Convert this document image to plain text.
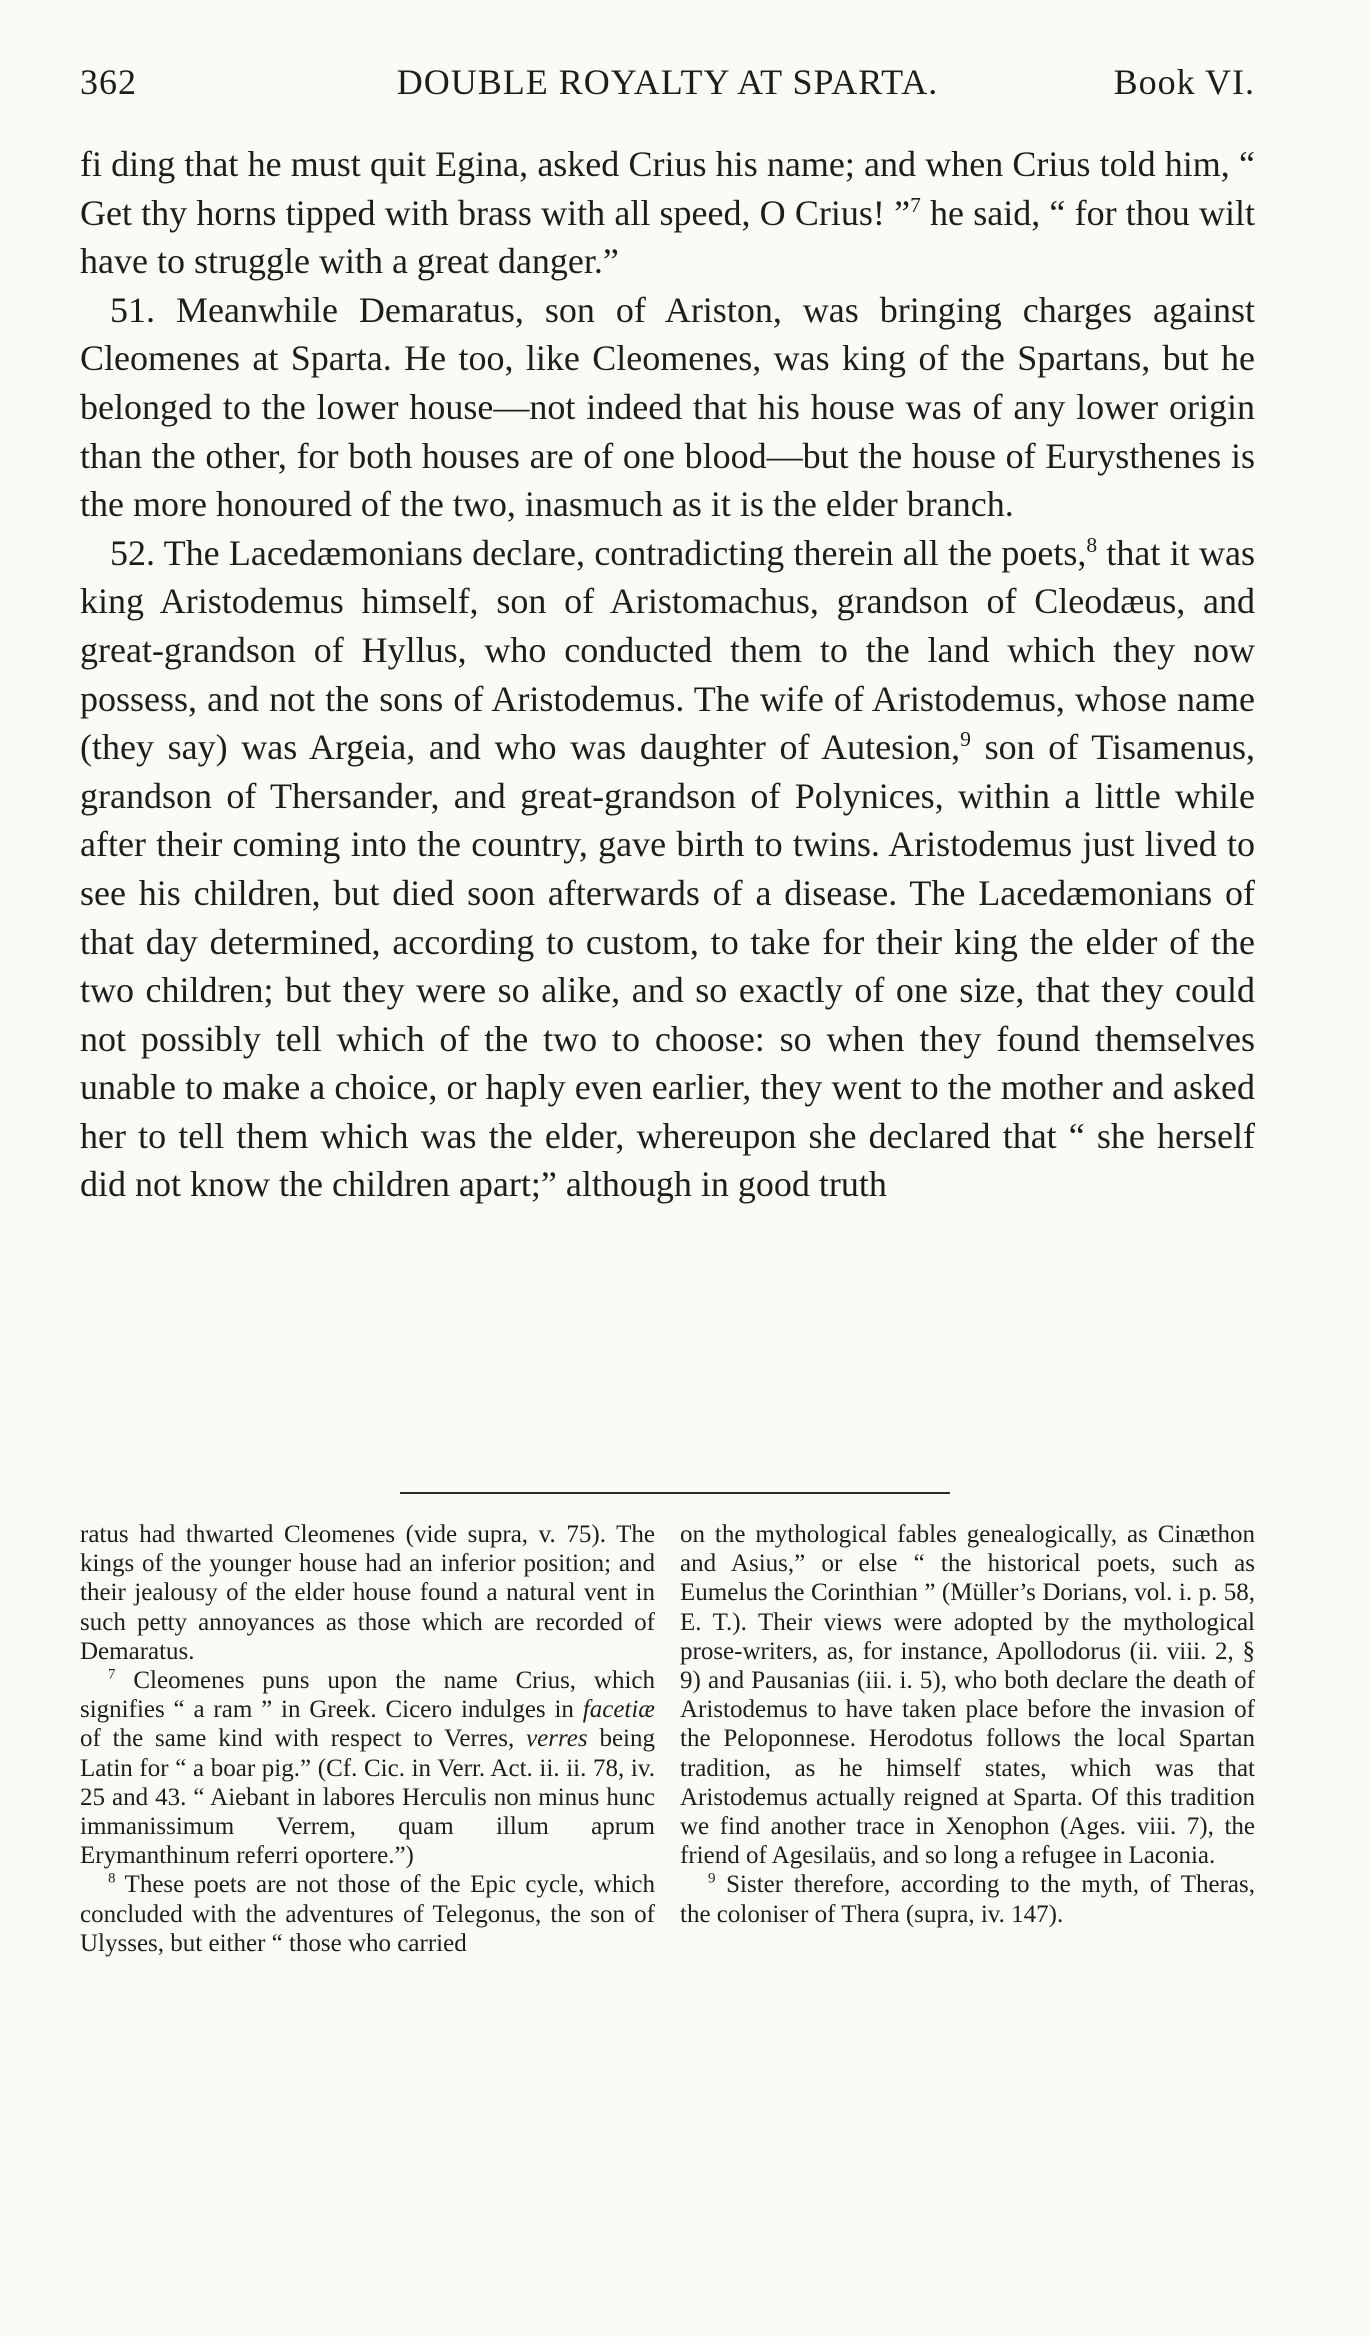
362	DOUBLE ROYALTY AT SPARTA.	Book VI.

fi ding that he must quit Egina, asked Crius his name; and when Crius told him, “ Get thy horns tipped with brass with all speed, O Crius! ”$^7$ he said, “ for thou wilt have to struggle with a great danger.”

51. Meanwhile Demaratus, son of Ariston, was bringing charges against Cleomenes at Sparta. He too, like Cleomenes, was king of the Spartans, but he belonged to the lower house—not indeed that his house was of any lower origin than the other, for both houses are of one blood—but the house of Eurysthenes is the more honoured of the two, inasmuch as it is the elder branch.

52. The Lacedæmonians declare, contradicting therein all the poets,$^8$ that it was king Aristodemus himself, son of Aristomachus, grandson of Cleodæus, and great-grandson of Hyllus, who conducted them to the land which they now possess, and not the sons of Aristodemus. The wife of Aristodemus, whose name (they say) was Argeia, and who was daughter of Autesion,$^9$ son of Tisamenus, grandson of Thersander, and great-grandson of Polynices, within a little while after their coming into the country, gave birth to twins. Aristodemus just lived to see his children, but died soon afterwards of a disease. The Lacedæmonians of that day determined, according to custom, to take for their king the elder of the two children; but they were so alike, and so exactly of one size, that they could not possibly tell which of the two to choose: so when they found themselves unable to make a choice, or haply even earlier, they went to the mother and asked her to tell them which was the elder, whereupon she declared that “ she herself did not know the children apart;” although in good truth

ratus had thwarted Cleomenes (vide supra, v. 75). The kings of the younger house had an inferior position; and their jealousy of the elder house found a natural vent in such petty annoyances as those which are recorded of Demaratus.

$^7$ Cleomenes puns upon the name Crius, which signifies “ a ram ” in Greek. Cicero indulges in facetiæ of the same kind with respect to Verres, verres being Latin for “ a boar pig.” (Cf. Cic. in Verr. Act. ii. ii. 78, iv. 25 and 43. “ Aiebant in labores Herculis non minus hunc immanissimum Verrem, quam illum aprum Erymanthinum referri oportere.”)

$^8$ These poets are not those of the Epic cycle, which concluded with the adventures of Telegonus, the son of Ulysses, but either “ those who carried

on the mythological fables genealogically, as Cinæthon and Asius,” or else “ the historical poets, such as Eumelus the Corinthian ” (Müller’s Dorians, vol. i. p. 58, E. T.). Their views were adopted by the mythological prose-writers, as, for instance, Apollodorus (ii. viii. 2, § 9) and Pausanias (iii. i. 5), who both declare the death of Aristodemus to have taken place before the invasion of the Peloponnese. Herodotus follows the local Spartan tradition, as he himself states, which was that Aristodemus actually reigned at Sparta. Of this tradition we find another trace in Xenophon (Ages. viii. 7), the friend of Agesilaüs, and so long a refugee in Laconia.

$^9$ Sister therefore, according to the myth, of Theras, the coloniser of Thera (supra, iv. 147).
